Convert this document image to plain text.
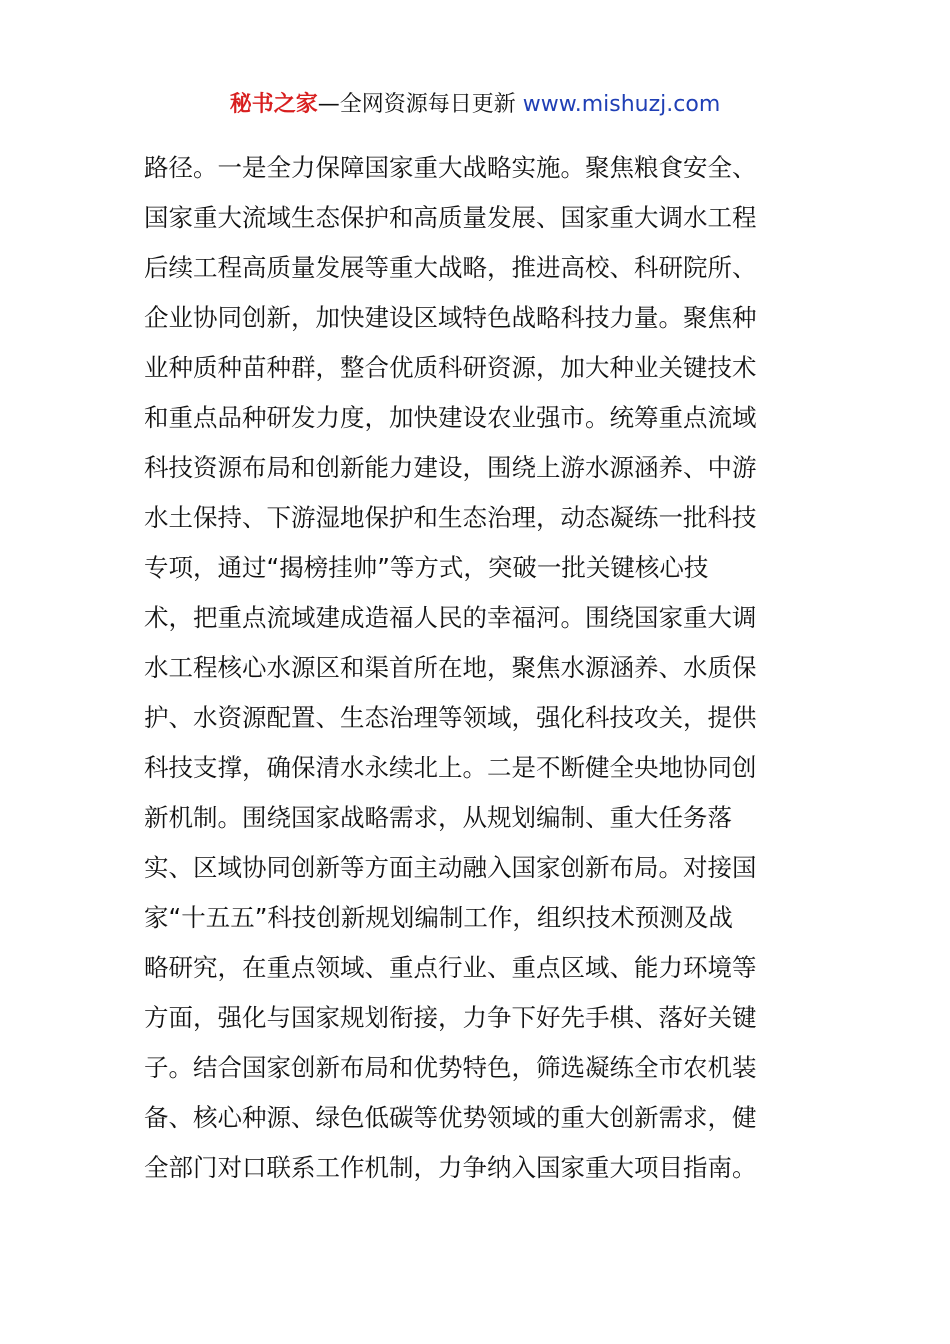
秘书之家—全网资源每日更新 www.mishuzj.com
路径。一是全力保障国家重大战略实施。聚焦粮食安全、
国家重大流域生态保护和高质量发展、国家重大调水工程
后续工程高质量发展等重大战略，推进高校、科研院所、
企业协同创新，加快建设区域特色战略科技力量。聚焦种
业种质种苗种群，整合优质科研资源，加大种业关键技术
和重点品种研发力度，加快建设农业强市。统筹重点流域
科技资源布局和创新能力建设，围绕上游水源涵养、中游
水土保持、下游湿地保护和生态治理，动态凝练一批科技
专项，通过“揭榜挂帅”等方式，突破一批关键核心技
术，把重点流域建成造福人民的幸福河。围绕国家重大调
水工程核心水源区和渠首所在地，聚焦水源涵养、水质保
护、水资源配置、生态治理等领域，强化科技攻关，提供
科技支撑，确保清水永续北上。二是不断健全央地协同创
新机制。围绕国家战略需求，从规划编制、重大任务落
实、区域协同创新等方面主动融入国家创新布局。对接国
家“十五五”科技创新规划编制工作，组织技术预测及战
略研究，在重点领域、重点行业、重点区域、能力环境等
方面，强化与国家规划衔接，力争下好先手棋、落好关键
子。结合国家创新布局和优势特色，筛选凝练全市农机装
备、核心种源、绿色低碳等优势领域的重大创新需求，健
全部门对口联系工作机制，力争纳入国家重大项目指南。
